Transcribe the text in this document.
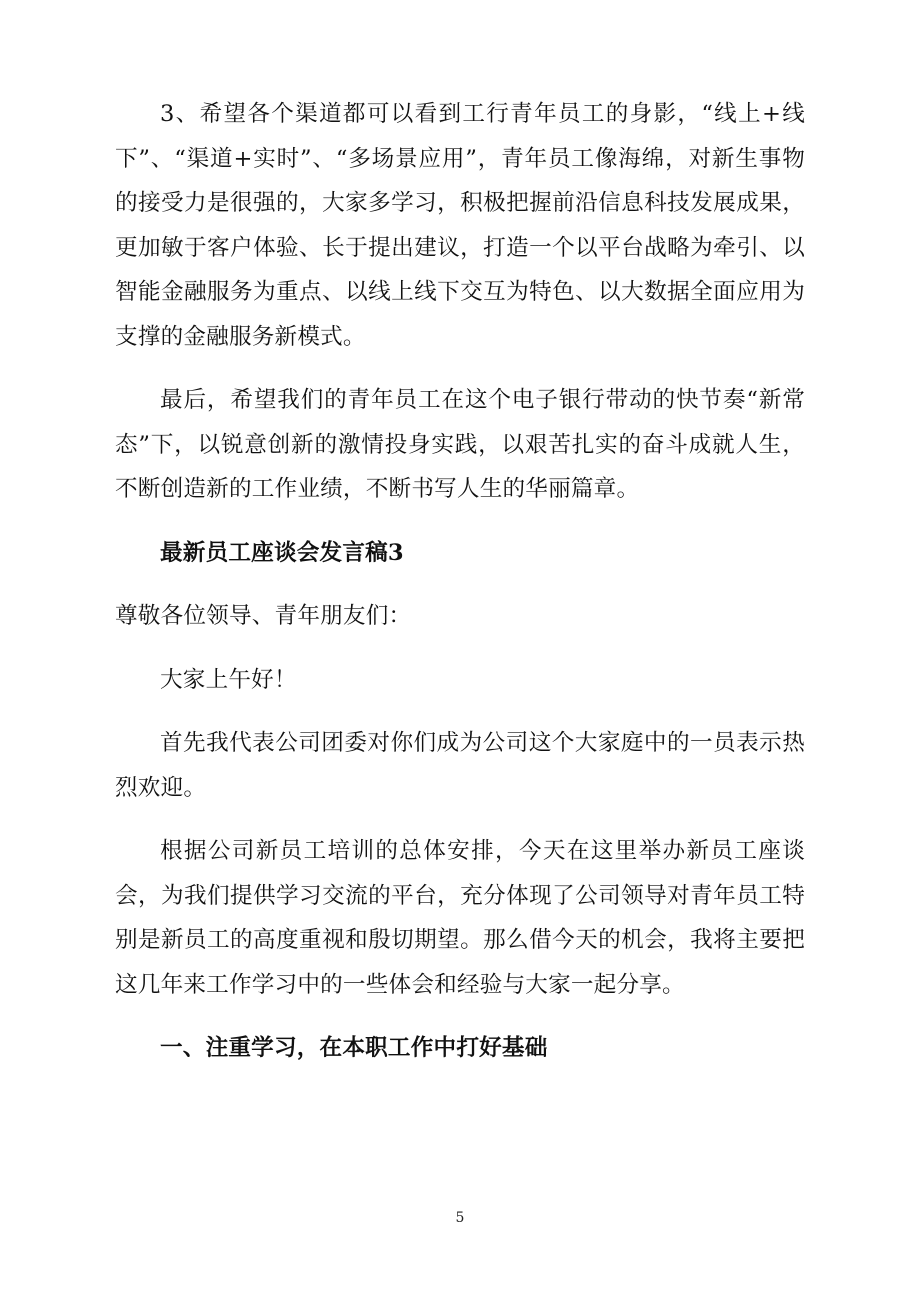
3、希望各个渠道都可以看到工行青年员工的身影，“线上+线下”、“渠道+实时”、“多场景应用”，青年员工像海绵，对新生事物的接受力是很强的，大家多学习，积极把握前沿信息科技发展成果，更加敏于客户体验、长于提出建议，打造一个以平台战略为牵引、以智能金融服务为重点、以线上线下交互为特色、以大数据全面应用为支撑的金融服务新模式。

最后，希望我们的青年员工在这个电子银行带动的快节奏“新常态”下，以锐意创新的激情投身实践，以艰苦扎实的奋斗成就人生，不断创造新的工作业绩，不断书写人生的华丽篇章。

最新员工座谈会发言稿3

尊敬各位领导、青年朋友们：

大家上午好！

首先我代表公司团委对你们成为公司这个大家庭中的一员表示热烈欢迎。

根据公司新员工培训的总体安排，今天在这里举办新员工座谈会，为我们提供学习交流的平台，充分体现了公司领导对青年员工特别是新员工的高度重视和殷切期望。那么借今天的机会，我将主要把这几年来工作学习中的一些体会和经验与大家一起分享。

一、注重学习，在本职工作中打好基础

5
